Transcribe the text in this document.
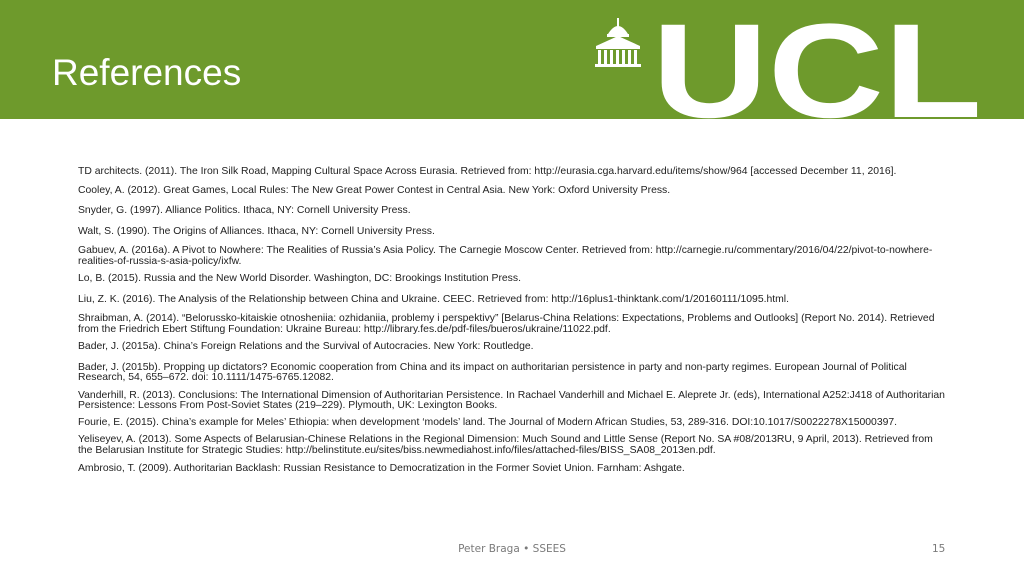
References	UCL

TD architects. (2011). The Iron Silk Road, Mapping Cultural Space Across Eurasia. Retrieved from: http://eurasia.cga.harvard.edu/items/show/964 [accessed December 11, 2016].

Cooley, A. (2012). Great Games, Local Rules: The New Great Power Contest in Central Asia. New York: Oxford University Press.

Snyder, G. (1997). Alliance Politics. Ithaca, NY: Cornell University Press.

Walt, S. (1990). The Origins of Alliances. Ithaca, NY: Cornell University Press.

Gabuev, A. (2016a). A Pivot to Nowhere: The Realities of Russia’s Asia Policy. The Carnegie Moscow Center. Retrieved from: http://carnegie.ru/commentary/2016/04/22/pivot-to-nowhere-realities-of-russia-s-asia-policy/ixfw.

Lo, B. (2015). Russia and the New World Disorder. Washington, DC: Brookings Institution Press.

Liu, Z. K. (2016). The Analysis of the Relationship between China and Ukraine. CEEC. Retrieved from: http://16plus1-thinktank.com/1/20160111/1095.html.

Shraibman, A. (2014). “Belorussko-kitaiskie otnosheniia: ozhidaniia, problemy i perspektivy” [Belarus-China Relations: Expectations, Problems and Outlooks] (Report No. 2014). Retrieved from the Friedrich Ebert Stiftung Foundation: Ukraine Bureau: http://library.fes.de/pdf-files/bueros/ukraine/11022.pdf.

Bader, J. (2015a). China’s Foreign Relations and the Survival of Autocracies. New York: Routledge.

Bader, J. (2015b). Propping up dictators? Economic cooperation from China and its impact on authoritarian persistence in party and non-party regimes. European Journal of Political Research, 54, 655–672. doi: 10.1111/1475-6765.12082.

Vanderhill, R. (2013). Conclusions: The International Dimension of Authoritarian Persistence. In Rachael Vanderhill and Michael E. Aleprete Jr. (eds), International A252:J418 of Authoritarian Persistence: Lessons From Post-Soviet States (219–229). Plymouth, UK: Lexington Books.

Fourie, E. (2015). China’s example for Meles’ Ethiopia: when development ‘models’ land. The Journal of Modern African Studies, 53, 289-316. DOI:10.1017/S0022278X15000397.

Yeliseyev, A. (2013). Some Aspects of Belarusian-Chinese Relations in the Regional Dimension: Much Sound and Little Sense (Report No. SA #08/2013RU, 9 April, 2013). Retrieved from the Belarusian Institute for Strategic Studies: http://belinstitute.eu/sites/biss.newmediahost.info/files/attached-files/BISS_SA08_2013en.pdf.

Ambrosio, T. (2009). Authoritarian Backlash: Russian Resistance to Democratization in the Former Soviet Union. Farnham: Ashgate.

Peter Braga • SSEES	15
